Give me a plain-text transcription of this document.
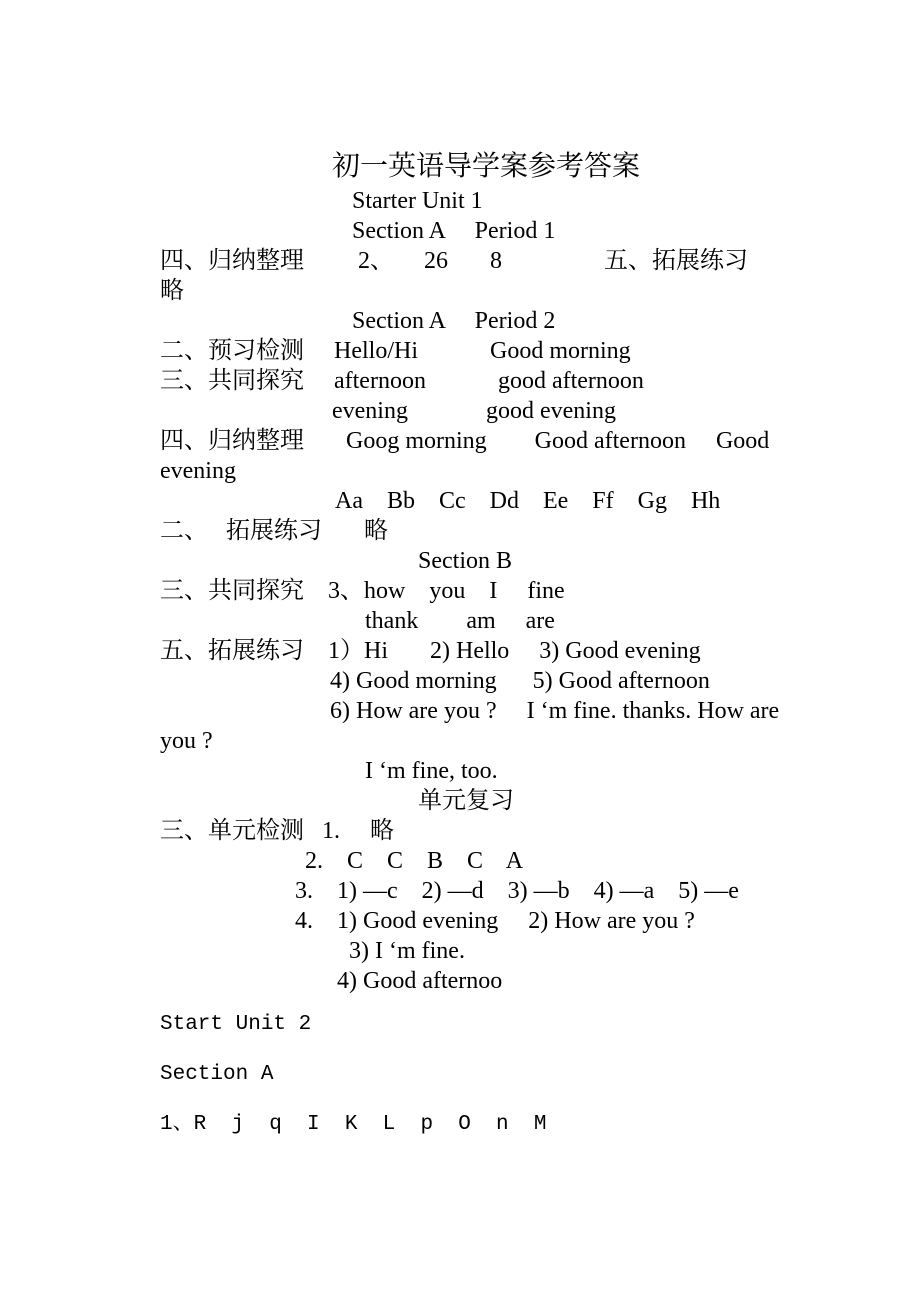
初一英语导学案参考答案
Starter Unit 1
Section A     Period 1
四、归纳整理         2、     26       8                 五、拓展练习
略
Section A     Period 2
二、预习检测     Hello/Hi            Good morning
三、共同探究     afternoon            good afternoon
evening             good evening
四、归纳整理       Goog morning        Good afternoon     Good
evening
Aa    Bb    Cc    Dd    Ee    Ff    Gg    Hh
二、   拓展练习       略
Section B
三、共同探究    3、how    you    I     fine
thank        am     are
五、拓展练习    1）Hi       2) Hello     3) Good evening
4) Good morning      5) Good afternoon
6) How are you ?     I ‘m fine. thanks. How are
you ?
I ‘m fine, too.
单元复习
三、单元检测   1.     略
2.    C    C    B    C    A
3.    1) —c    2) —d    3) —b    4) —a    5) —e
4.    1) Good evening     2) How are you ?
3) I ‘m fine.
4) Good afternoo
Start Unit 2
Section A
1、R  j  q  I  K  L  p  O  n  M
